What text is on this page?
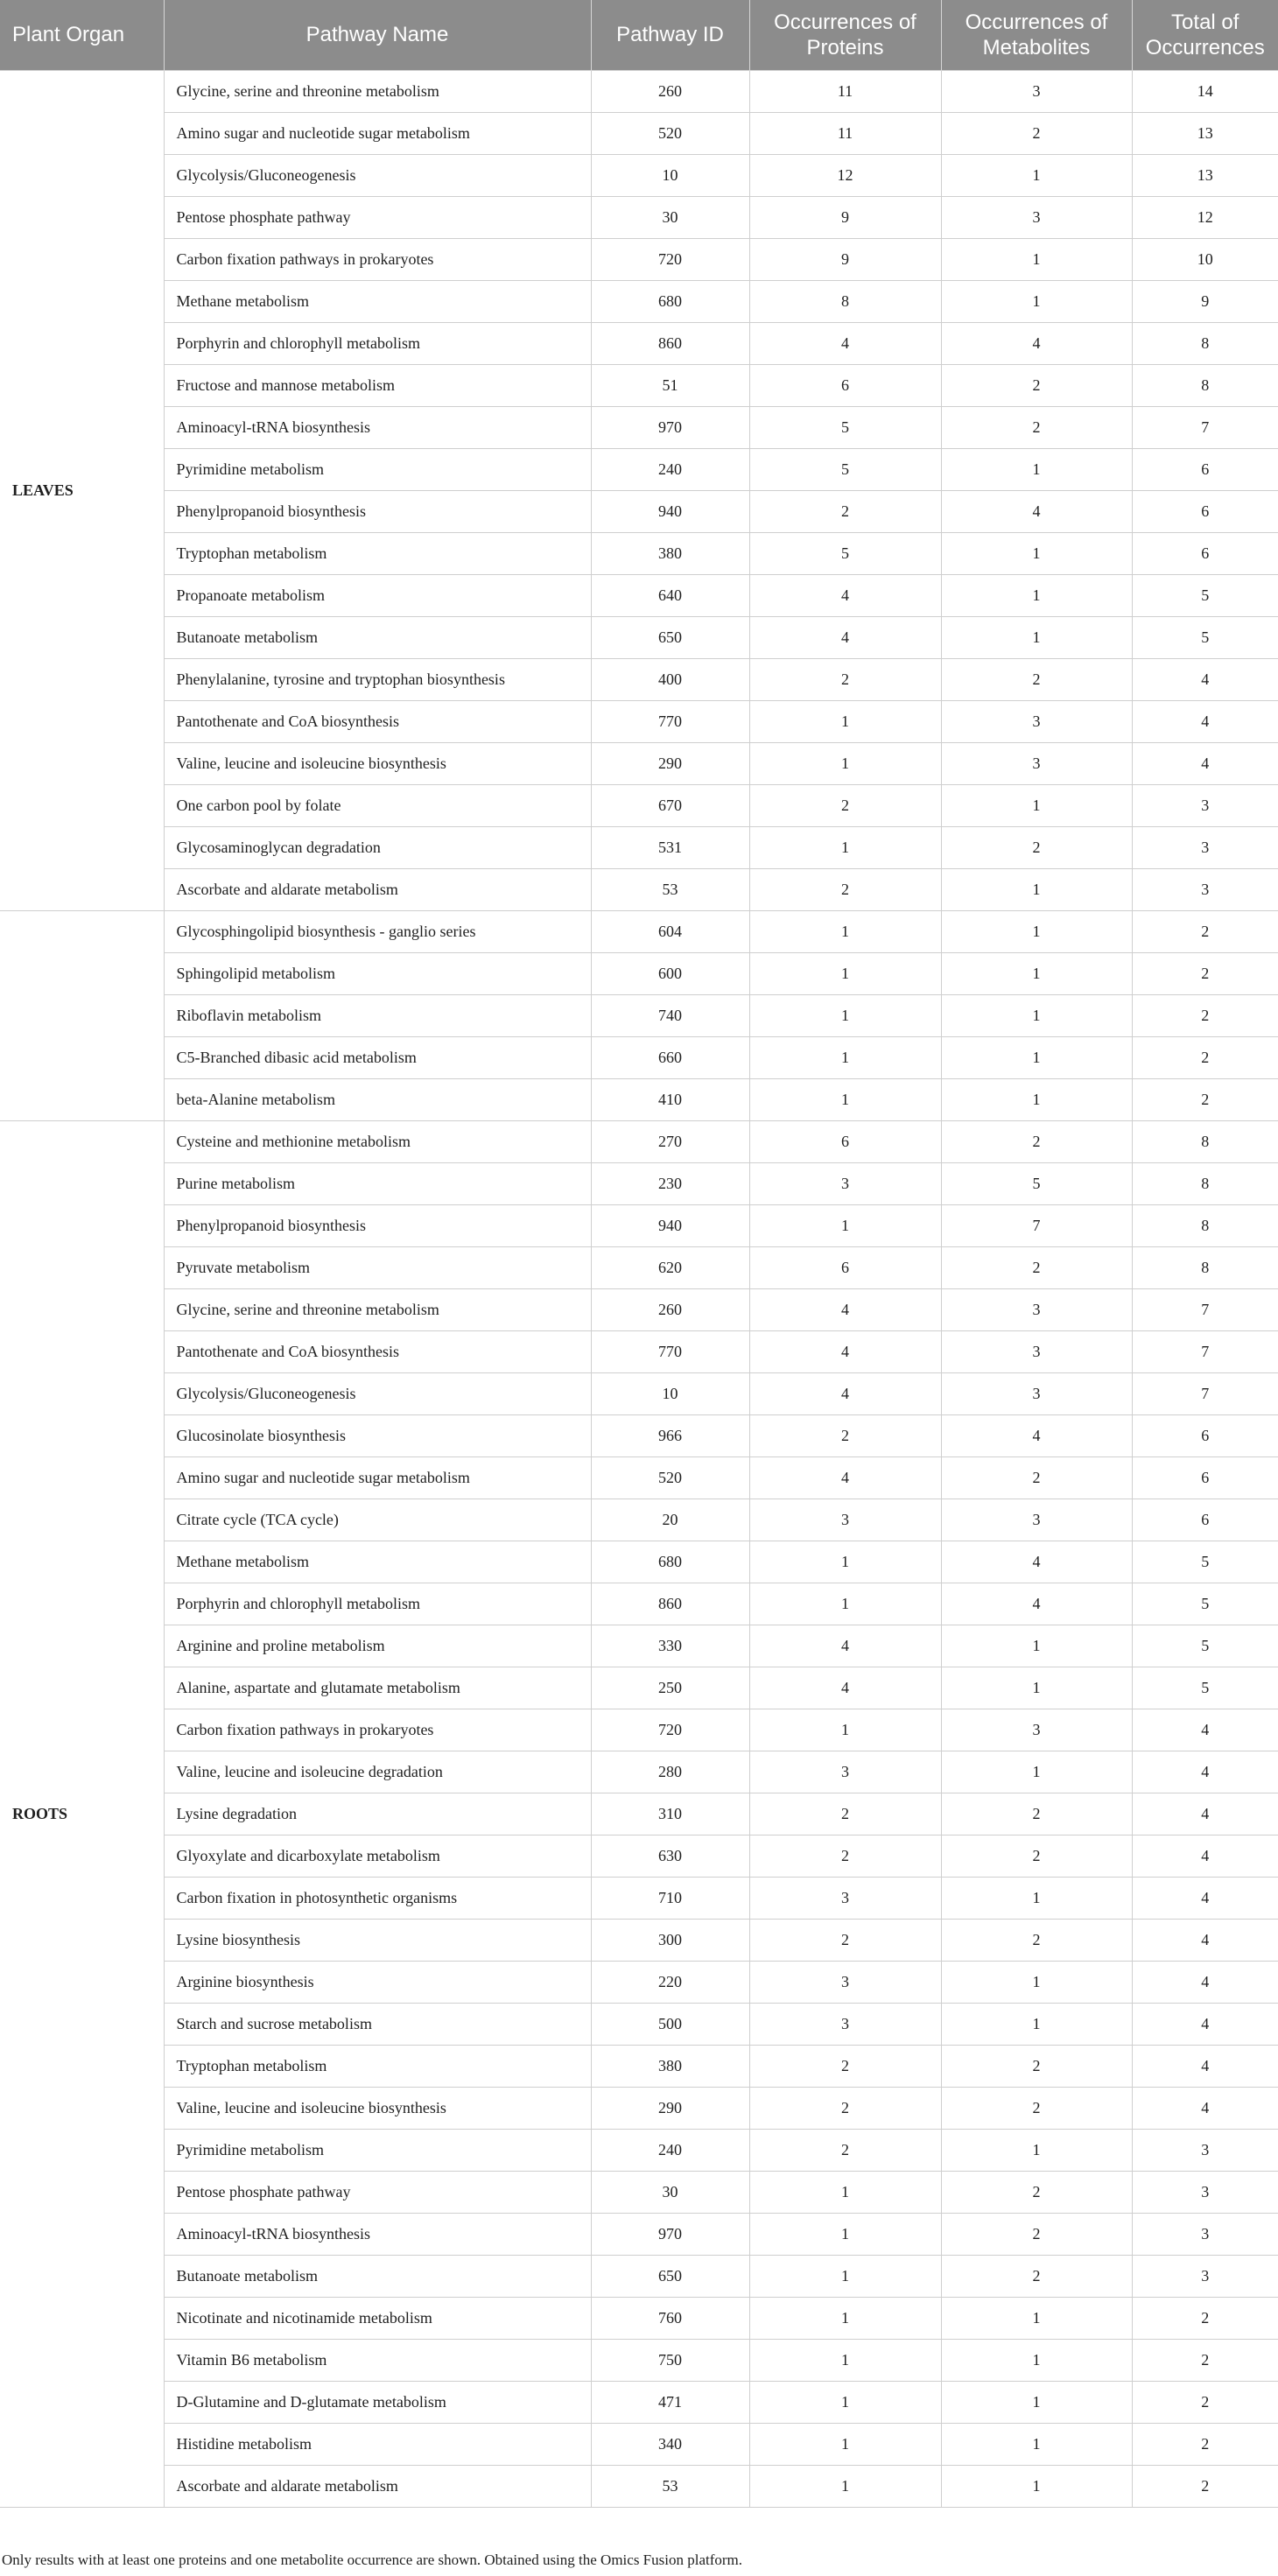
Plant Organ	Pathway Name	Pathway ID	Occurrences of Proteins	Occurrences of Metabolites	Total of Occurrences
LEAVES	Glycine, serine and threonine metabolism	260	11	3	14
	Amino sugar and nucleotide sugar metabolism	520	11	2	13
	Glycolysis/Gluconeogenesis	10	12	1	13
	Pentose phosphate pathway	30	9	3	12
	Carbon fixation pathways in prokaryotes	720	9	1	10
	Methane metabolism	680	8	1	9
	Porphyrin and chlorophyll metabolism	860	4	4	8
	Fructose and mannose metabolism	51	6	2	8
	Aminoacyl-tRNA biosynthesis	970	5	2	7
	Pyrimidine metabolism	240	5	1	6
	Phenylpropanoid biosynthesis	940	2	4	6
	Tryptophan metabolism	380	5	1	6
	Propanoate metabolism	640	4	1	5
	Butanoate metabolism	650	4	1	5
	Phenylalanine, tyrosine and tryptophan biosynthesis	400	2	2	4
	Pantothenate and CoA biosynthesis	770	1	3	4
	Valine, leucine and isoleucine biosynthesis	290	1	3	4
	One carbon pool by folate	670	2	1	3
	Glycosaminoglycan degradation	531	1	2	3
	Ascorbate and aldarate metabolism	53	2	1	3
	Glycosphingolipid biosynthesis - ganglio series	604	1	1	2
	Sphingolipid metabolism	600	1	1	2
	Riboflavin metabolism	740	1	1	2
	C5-Branched dibasic acid metabolism	660	1	1	2
	beta-Alanine metabolism	410	1	1	2
ROOTS	Cysteine and methionine metabolism	270	6	2	8
	Purine metabolism	230	3	5	8
	Phenylpropanoid biosynthesis	940	1	7	8
	Pyruvate metabolism	620	6	2	8
	Glycine, serine and threonine metabolism	260	4	3	7
	Pantothenate and CoA biosynthesis	770	4	3	7
	Glycolysis/Gluconeogenesis	10	4	3	7
	Glucosinolate biosynthesis	966	2	4	6
	Amino sugar and nucleotide sugar metabolism	520	4	2	6
	Citrate cycle (TCA cycle)	20	3	3	6
	Methane metabolism	680	1	4	5
	Porphyrin and chlorophyll metabolism	860	1	4	5
	Arginine and proline metabolism	330	4	1	5
	Alanine, aspartate and glutamate metabolism	250	4	1	5
	Carbon fixation pathways in prokaryotes	720	1	3	4
	Valine, leucine and isoleucine degradation	280	3	1	4
	Lysine degradation	310	2	2	4
	Glyoxylate and dicarboxylate metabolism	630	2	2	4
	Carbon fixation in photosynthetic organisms	710	3	1	4
	Lysine biosynthesis	300	2	2	4
	Arginine biosynthesis	220	3	1	4
	Starch and sucrose metabolism	500	3	1	4
	Tryptophan metabolism	380	2	2	4
	Valine, leucine and isoleucine biosynthesis	290	2	2	4
	Pyrimidine metabolism	240	2	1	3
	Pentose phosphate pathway	30	1	2	3
	Aminoacyl-tRNA biosynthesis	970	1	2	3
	Butanoate metabolism	650	1	2	3
	Nicotinate and nicotinamide metabolism	760	1	1	2
	Vitamin B6 metabolism	750	1	1	2
	D-Glutamine and D-glutamate metabolism	471	1	1	2
	Histidine metabolism	340	1	1	2
	Ascorbate and aldarate metabolism	53	1	1	2
Only results with at least one proteins and one metabolite occurrence are shown. Obtained using the Omics Fusion platform.
